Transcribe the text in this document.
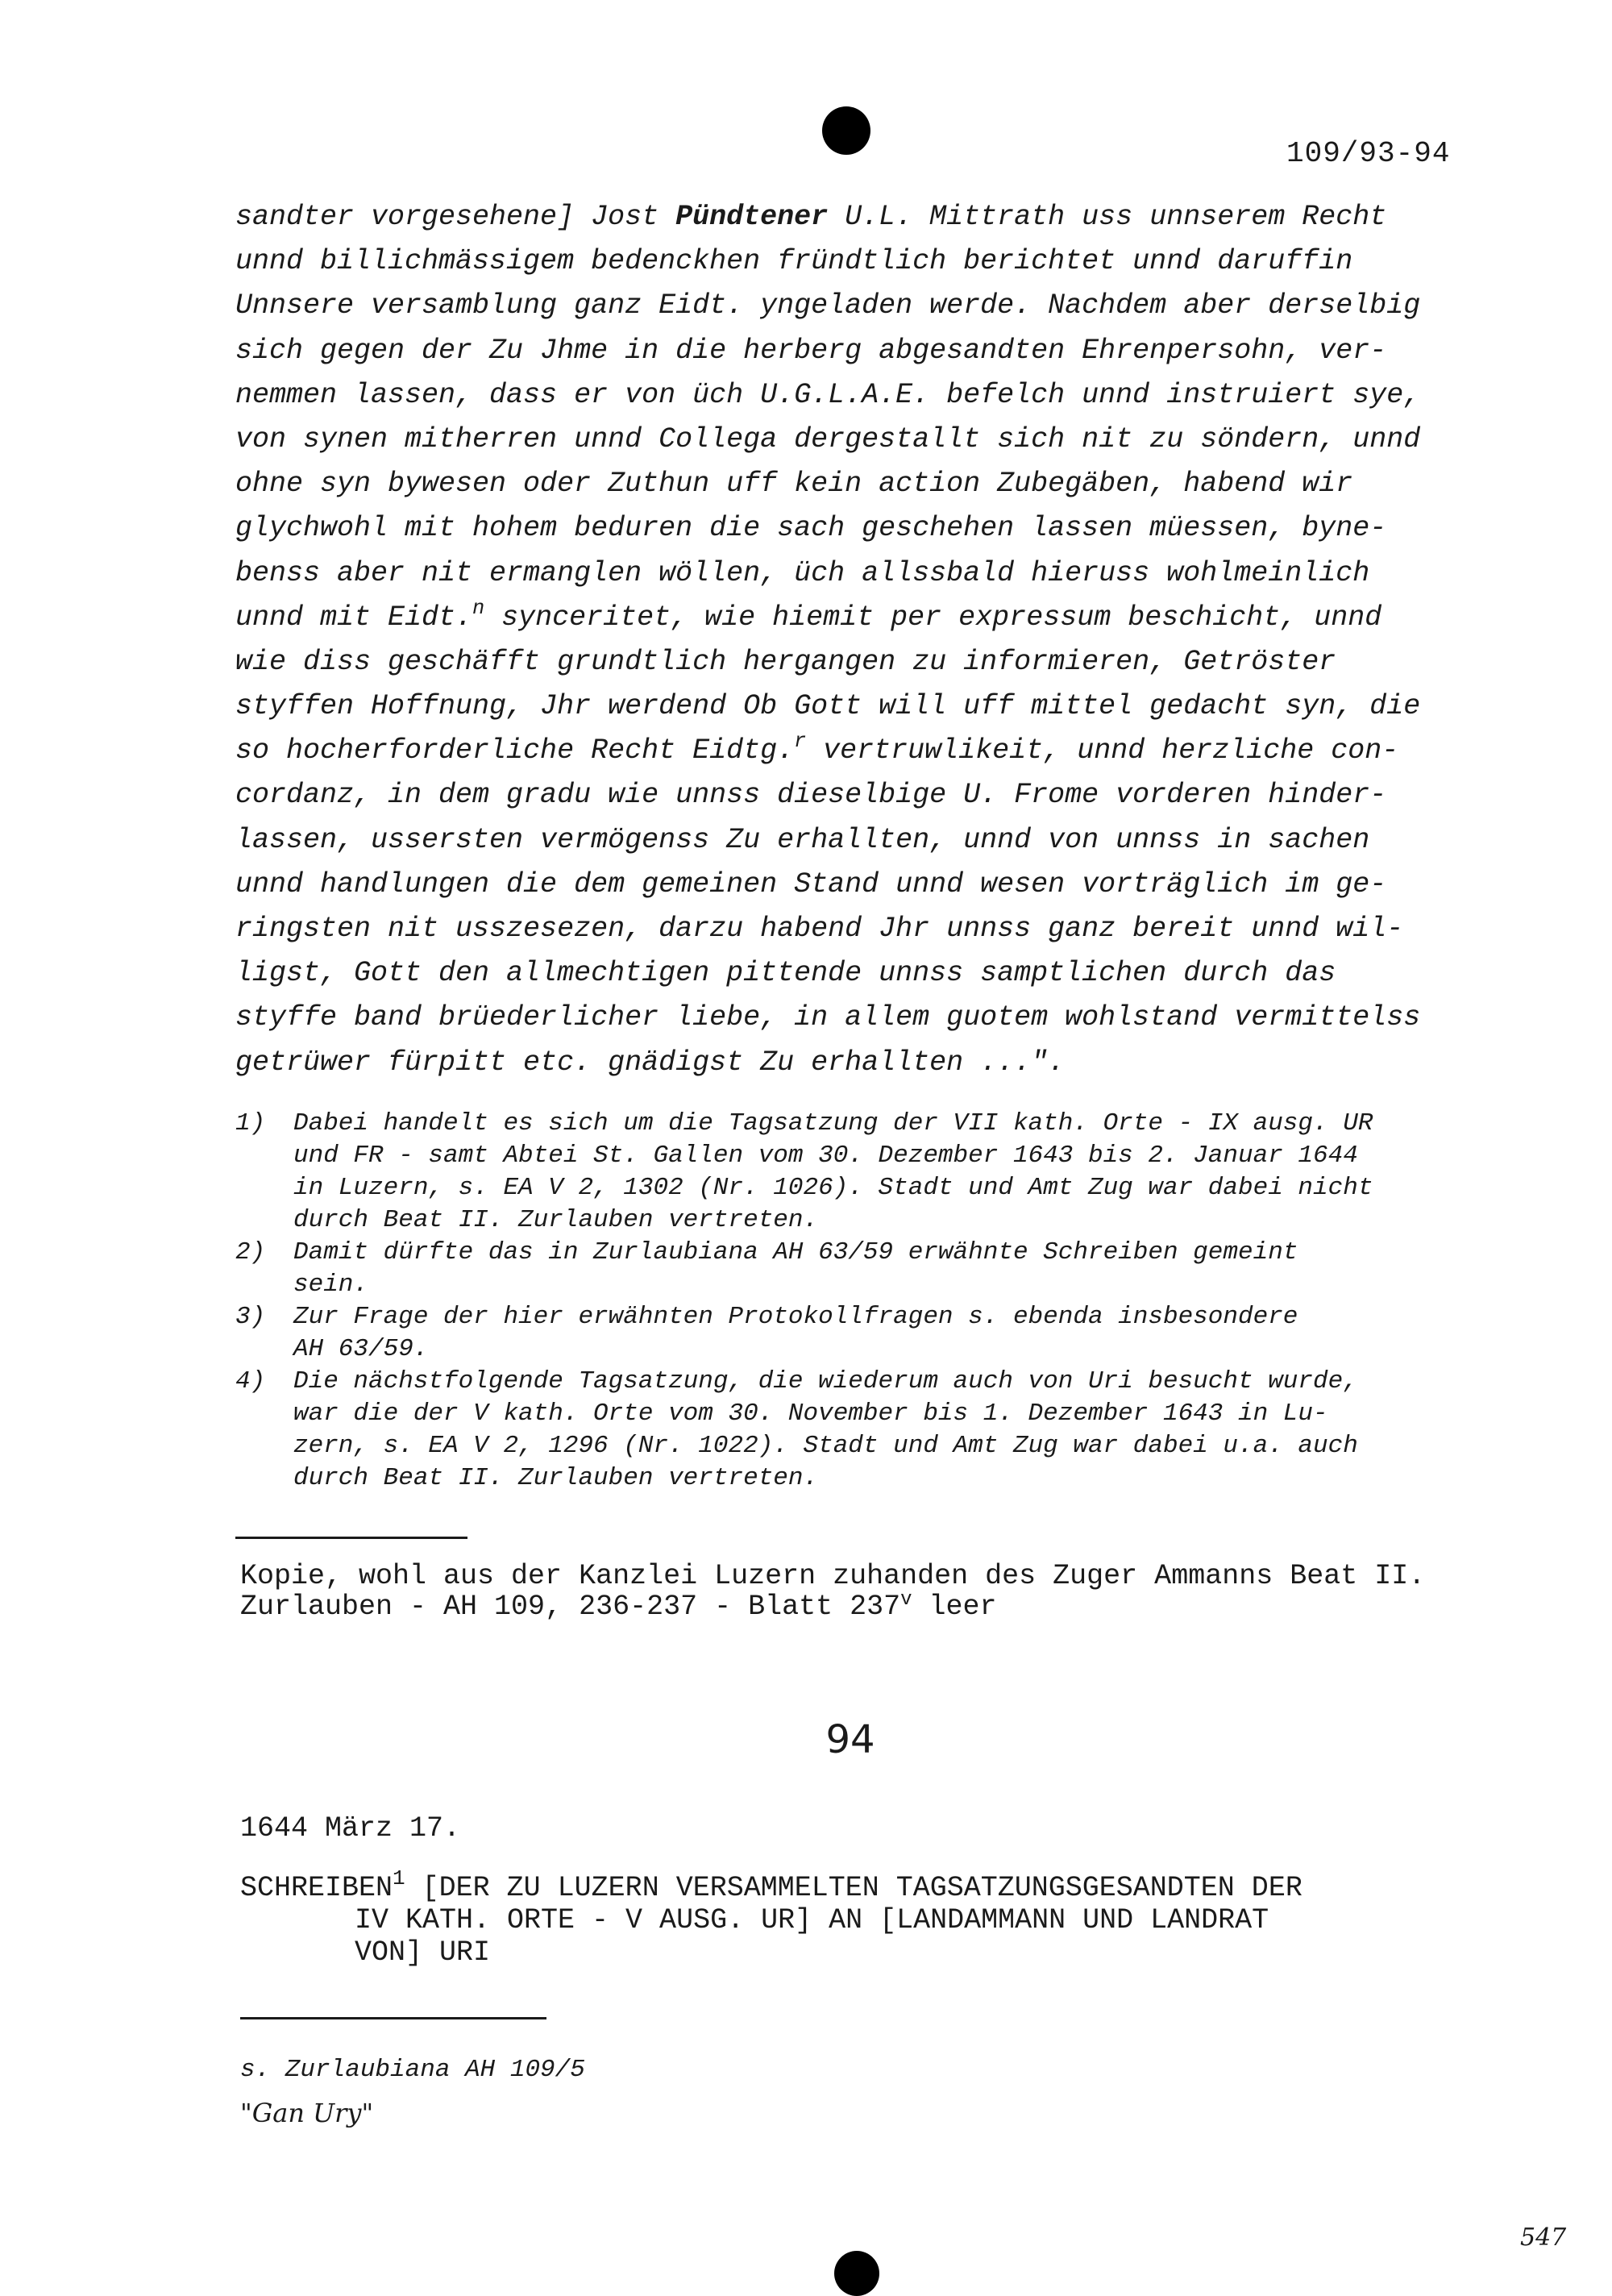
109/93-94
sandter vorgesehene] Jost Pündtener U.L. Mittrath uss unnserem Recht
unnd billichmässigem bedenckhen fründtlich berichtet unnd daruffin
Unnsere versamblung ganz Eidt. yngeladen werde. Nachdem aber derselbig
sich gegen der Zu Jhme in die herberg abgesandten Ehrenpersohn, ver-
nemmen lassen, dass er von üch U.G.L.A.E. befelch unnd instruiert sye,
von synen mitherren unnd Collega dergestallt sich nit zu söndern, unnd
ohne syn bywesen oder Zuthun uff kein action Zubegäben, habend wir
glychwohl mit hohem beduren die sach geschehen lassen müessen, byne-
benss aber nit ermanglen wöllen, üch allssbald hieruss wohlmeinlich
unnd mit Eidt.$^n$ synceritet, wie hiemit per expressum beschicht, unnd
wie diss geschäfft grundtlich hergangen zu informieren, Getröster
styffen Hoffnung, Jhr werdend Ob Gott will uff mittel gedacht syn, die
so hocherforderliche Recht Eidtg.$^r$ vertruwlikeit, unnd herzliche con-
cordanz, in dem gradu wie unnss dieselbige U. Frome vorderen hinder-
lassen, ussersten vermögenss Zu erhallten, unnd von unnss in sachen
unnd handlungen die dem gemeinen Stand unnd wesen vorträglich im ge-
ringsten nit usszesezen, darzu habend Jhr unnss ganz bereit unnd wil-
ligst, Gott den allmechtigen pittende unnss samptlichen durch das
styffe band brüederlicher liebe, in allem guotem wohlstand vermittelss
getrüwer fürpitt etc. gnädigst Zu erhallten ...".
1) Dabei handelt es sich um die Tagsatzung der VII kath. Orte - IX ausg. UR
und FR - samt Abtei St. Gallen vom 30. Dezember 1643 bis 2. Januar 1644
in Luzern, s. EA V 2, 1302 (Nr. 1026). Stadt und Amt Zug war dabei nicht
durch Beat II. Zurlauben vertreten.
2) Damit dürfte das in Zurlaubiana AH 63/59 erwähnte Schreiben gemeint
sein.
3) Zur Frage der hier erwähnten Protokollfragen s. ebenda insbesondere
AH 63/59.
4) Die nächstfolgende Tagsatzung, die wiederum auch von Uri besucht wurde,
war die der V kath. Orte vom 30. November bis 1. Dezember 1643 in Lu-
zern, s. EA V 2, 1296 (Nr. 1022). Stadt und Amt Zug war dabei u.a. auch
durch Beat II. Zurlauben vertreten.
Kopie, wohl aus der Kanzlei Luzern zuhanden des Zuger Ammanns Beat II.
Zurlauben - AH 109, 236-237 - Blatt 237$^v$ leer
94
1644 März 17.
SCHREIBEN$^1$ [DER ZU LUZERN VERSAMMELTEN TAGSATZUNGSGESANDTEN DER
IV KATH. ORTE - V AUSG. UR] AN [LANDAMMANN UND LANDRAT
VON] URI
s. Zurlaubiana AH 109/5
"Gan Ury"
547
